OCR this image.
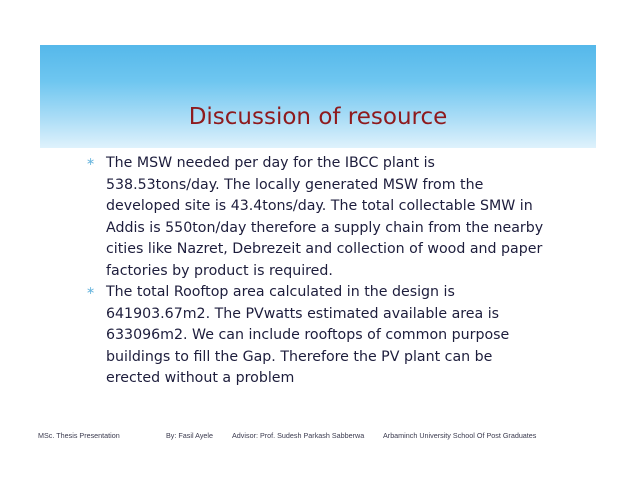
Discussion of resource
∗ The MSW needed per day for the IBCC plant is 538.53tons/day. The locally generated MSW from the developed site is 43.4tons/day. The total collectable SMW in Addis is 550ton/day therefore a supply chain from the nearby cities like Nazret, Debrezeit and collection of wood and paper factories by product is required.
∗ The total Rooftop area calculated in the design is 641903.67m2. The PVwatts estimated available area is 633096m2. We can include rooftops of common purpose buildings to fill the Gap. Therefore the PV plant can be erected without a problem
MSc. Thesis Presentation	By: Fasil Ayele	Advisor: Prof. Sudesh Parkash Sabberwa	Arbaminch University School Of Post Graduates
